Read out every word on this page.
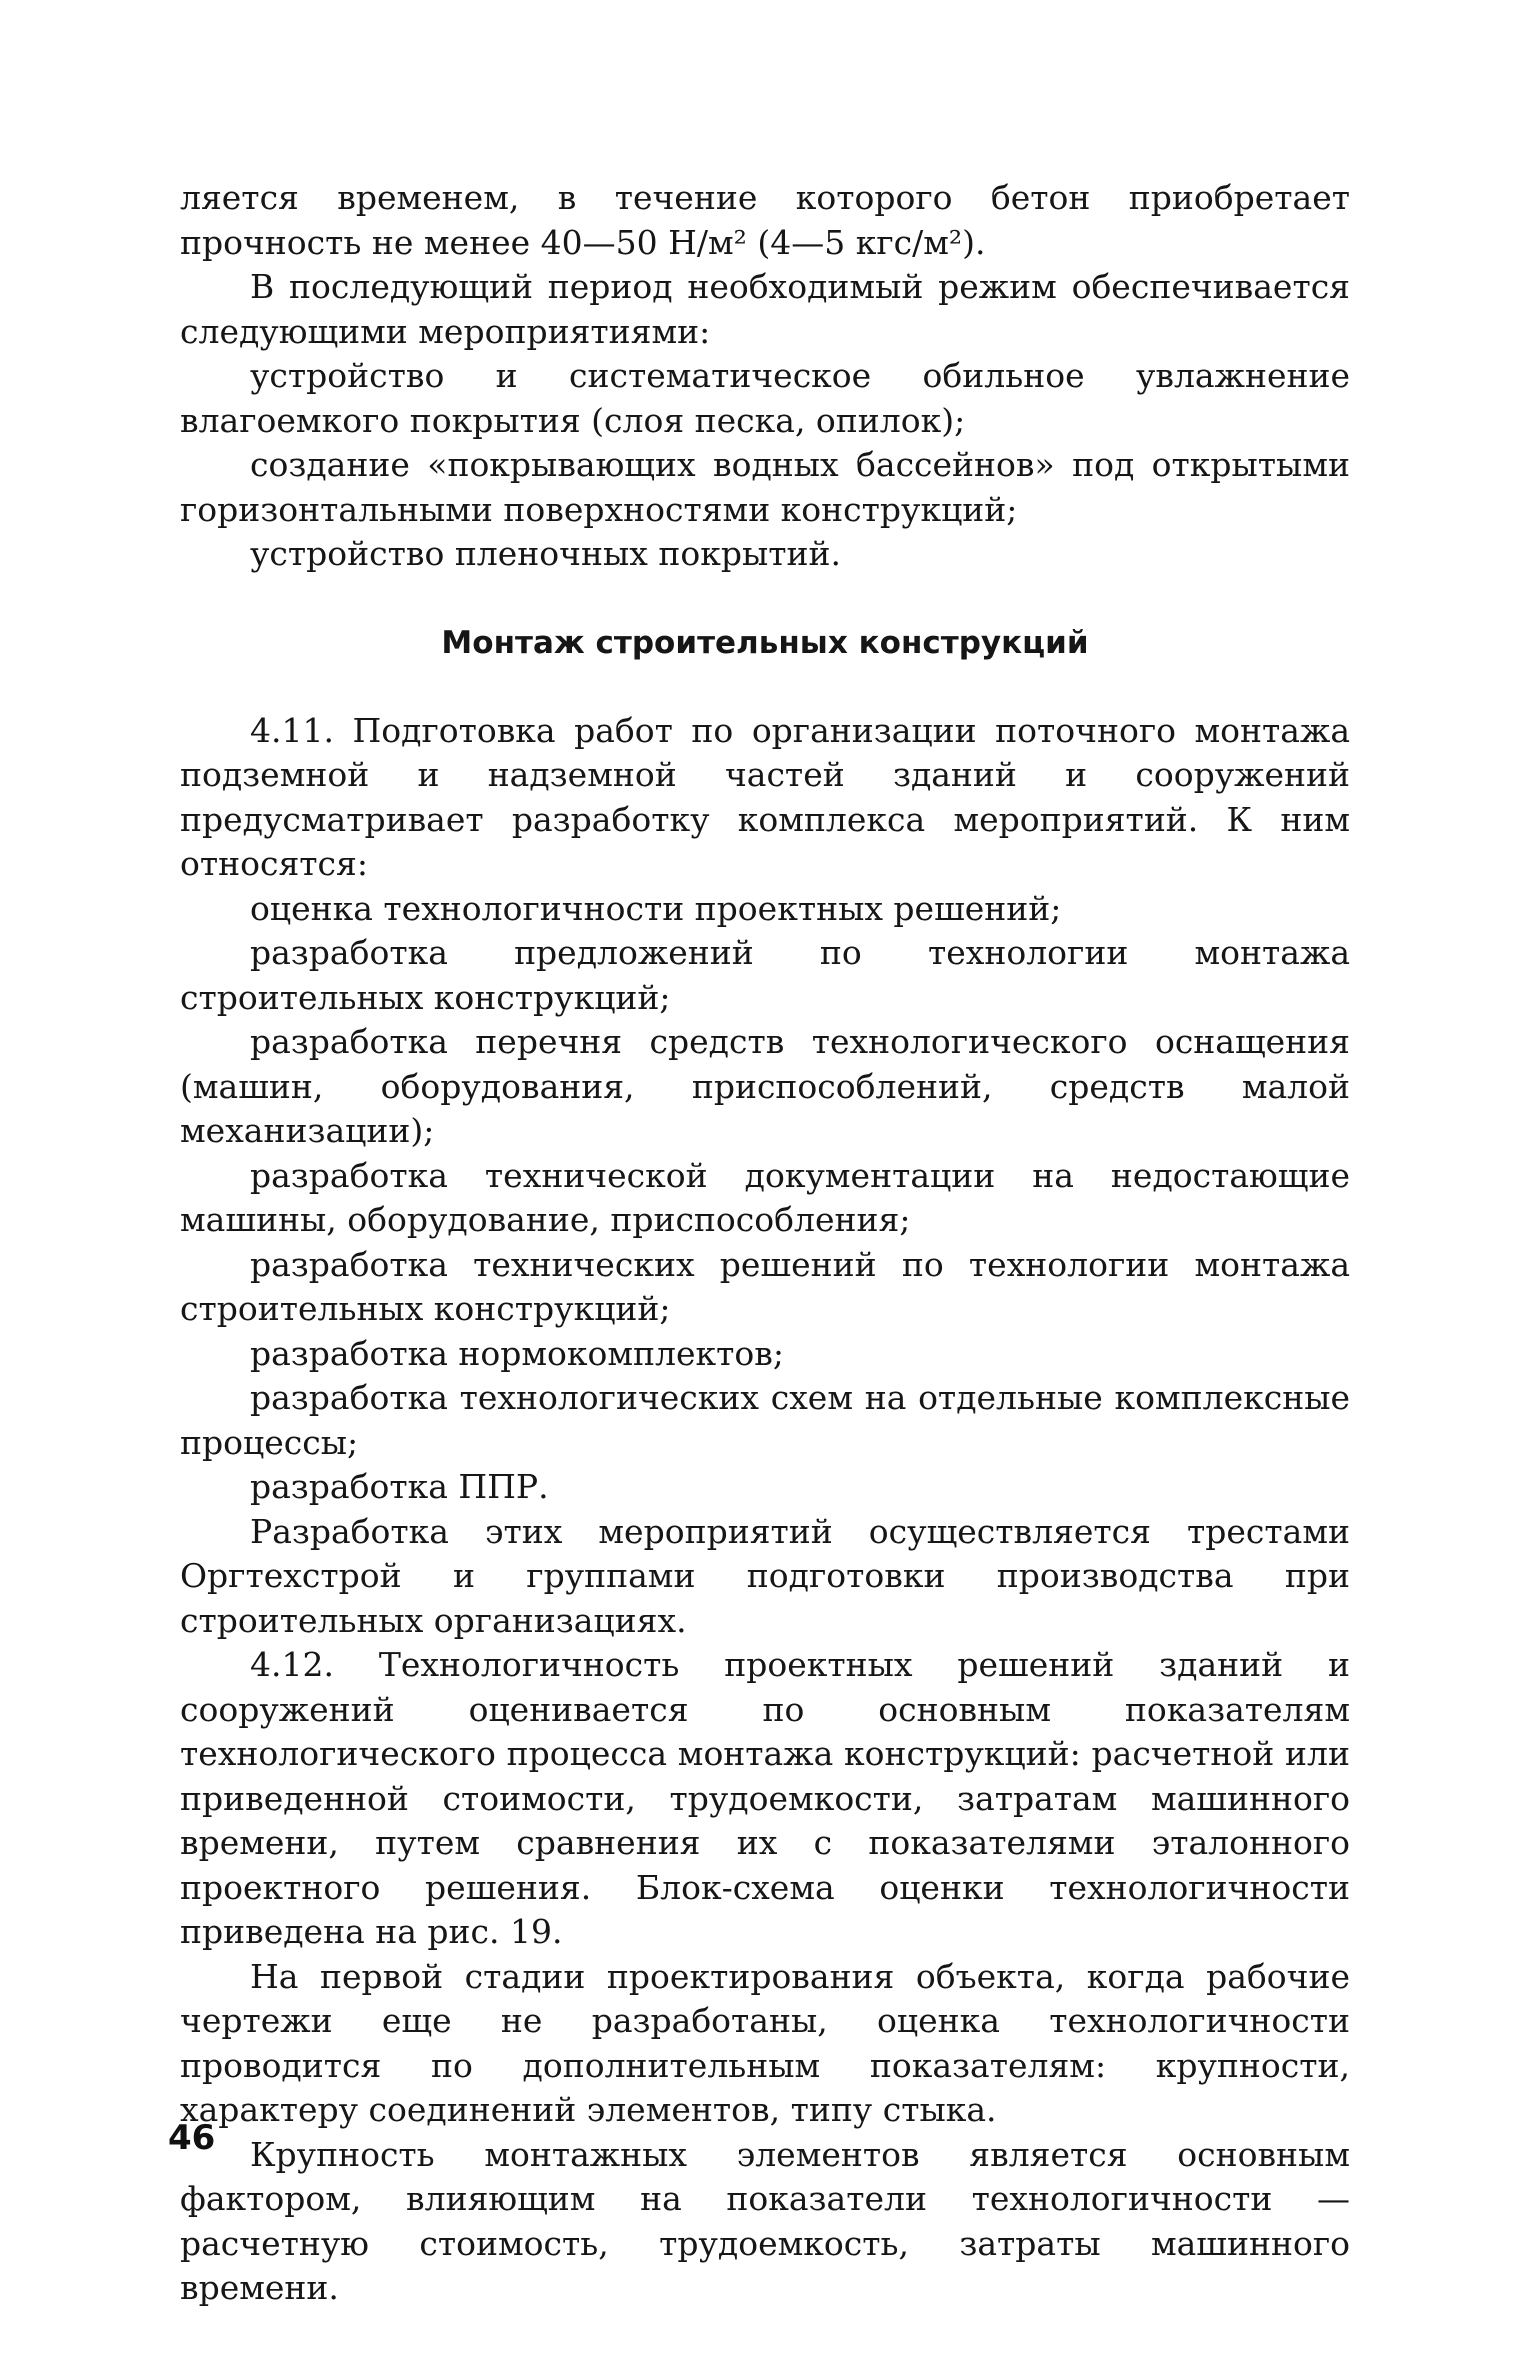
ляется временем, в течение которого бетон приобретает прочность не менее 40—50 Н/м² (4—5 кгс/м²).

В последующий период необходимый режим обеспечивается следующими мероприятиями:

устройство и систематическое обильное увлажнение влагоемкого покрытия (слоя песка, опилок);

создание «покрывающих водных бассейнов» под открытыми горизонтальными поверхностями конструкций;

устройство пленочных покрытий.

Монтаж строительных конструкций

4.11. Подготовка работ по организации поточного монтажа подземной и надземной частей зданий и сооружений предусматривает разработку комплекса мероприятий. К ним относятся:

оценка технологичности проектных решений;

разработка предложений по технологии монтажа строительных конструкций;

разработка перечня средств технологического оснащения (машин, оборудования, приспособлений, средств малой механизации);

разработка технической документации на недостающие машины, оборудование, приспособления;

разработка технических решений по технологии монтажа строительных конструкций;

разработка нормокомплектов;

разработка технологических схем на отдельные комплексные процессы;

разработка ППР.

Разработка этих мероприятий осуществляется трестами Оргтехстрой и группами подготовки производства при строительных организациях.

4.12. Технологичность проектных решений зданий и сооружений оценивается по основным показателям технологического процесса монтажа конструкций: расчетной или приведенной стоимости, трудоемкости, затратам машинного времени, путем сравнения их с показателями эталонного проектного решения. Блок-схема оценки технологичности приведена на рис. 19.

На первой стадии проектирования объекта, когда рабочие чертежи еще не разработаны, оценка технологичности проводится по дополнительным показателям: крупности, характеру соединений элементов, типу стыка.

Крупность монтажных элементов является основным фактором, влияющим на показатели технологичности — расчетную стоимость, трудоемкость, затраты машинного времени.

46
